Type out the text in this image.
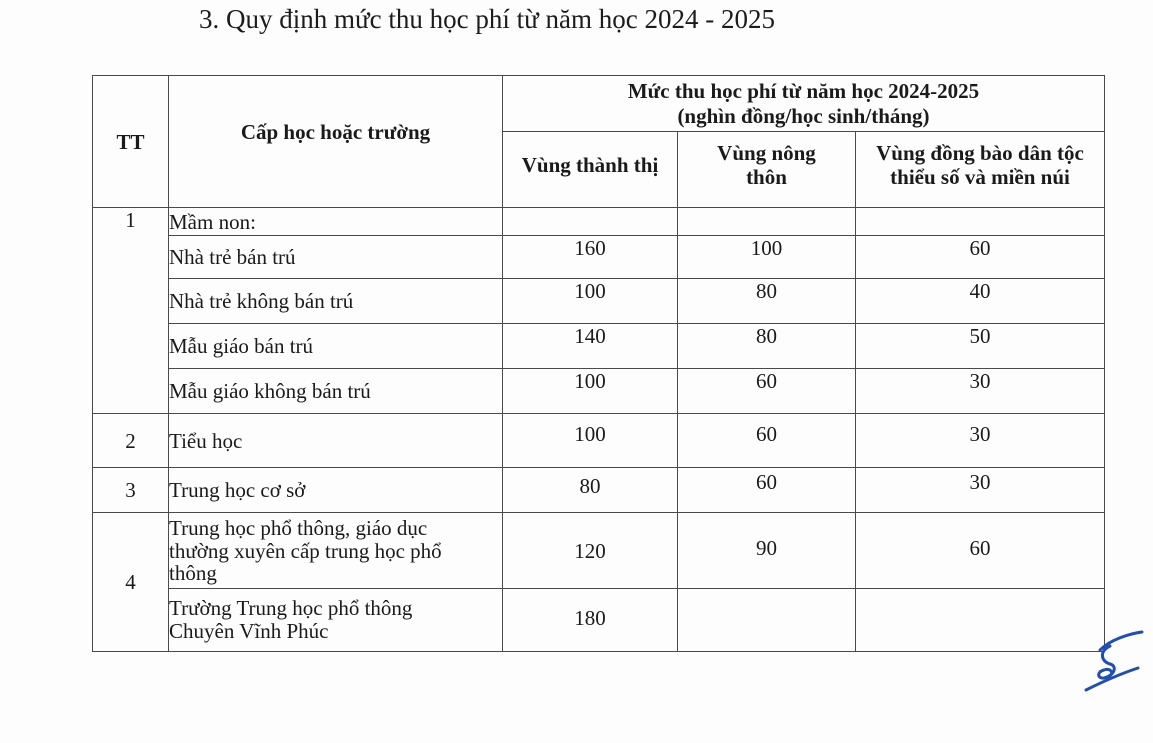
3. Quy định mức thu học phí từ năm học 2024 - 2025
TT	Cấp học hoặc trường	Mức thu học phí từ năm học 2024-2025
(nghìn đồng/học sinh/tháng)		

		Vùng thành thị	Vùng nông thôn	Vùng đồng bào dân tộc thiểu số và miền núi
1	Mầm non:			
	Nhà trẻ bán trú	160	100	60
	Nhà trẻ không bán trú	100	80	40
	Mẫu giáo bán trú	140	80	50
	Mẫu giáo không bán trú	100	60	30
2	Tiểu học	100	60	30
3	Trung học cơ sở	80	60	30
4	Trung học phổ thông, giáo dục thường xuyên cấp trung học phổ thông	120	90	60
	Trường Trung học phổ thông Chuyên Vĩnh Phúc	180		
